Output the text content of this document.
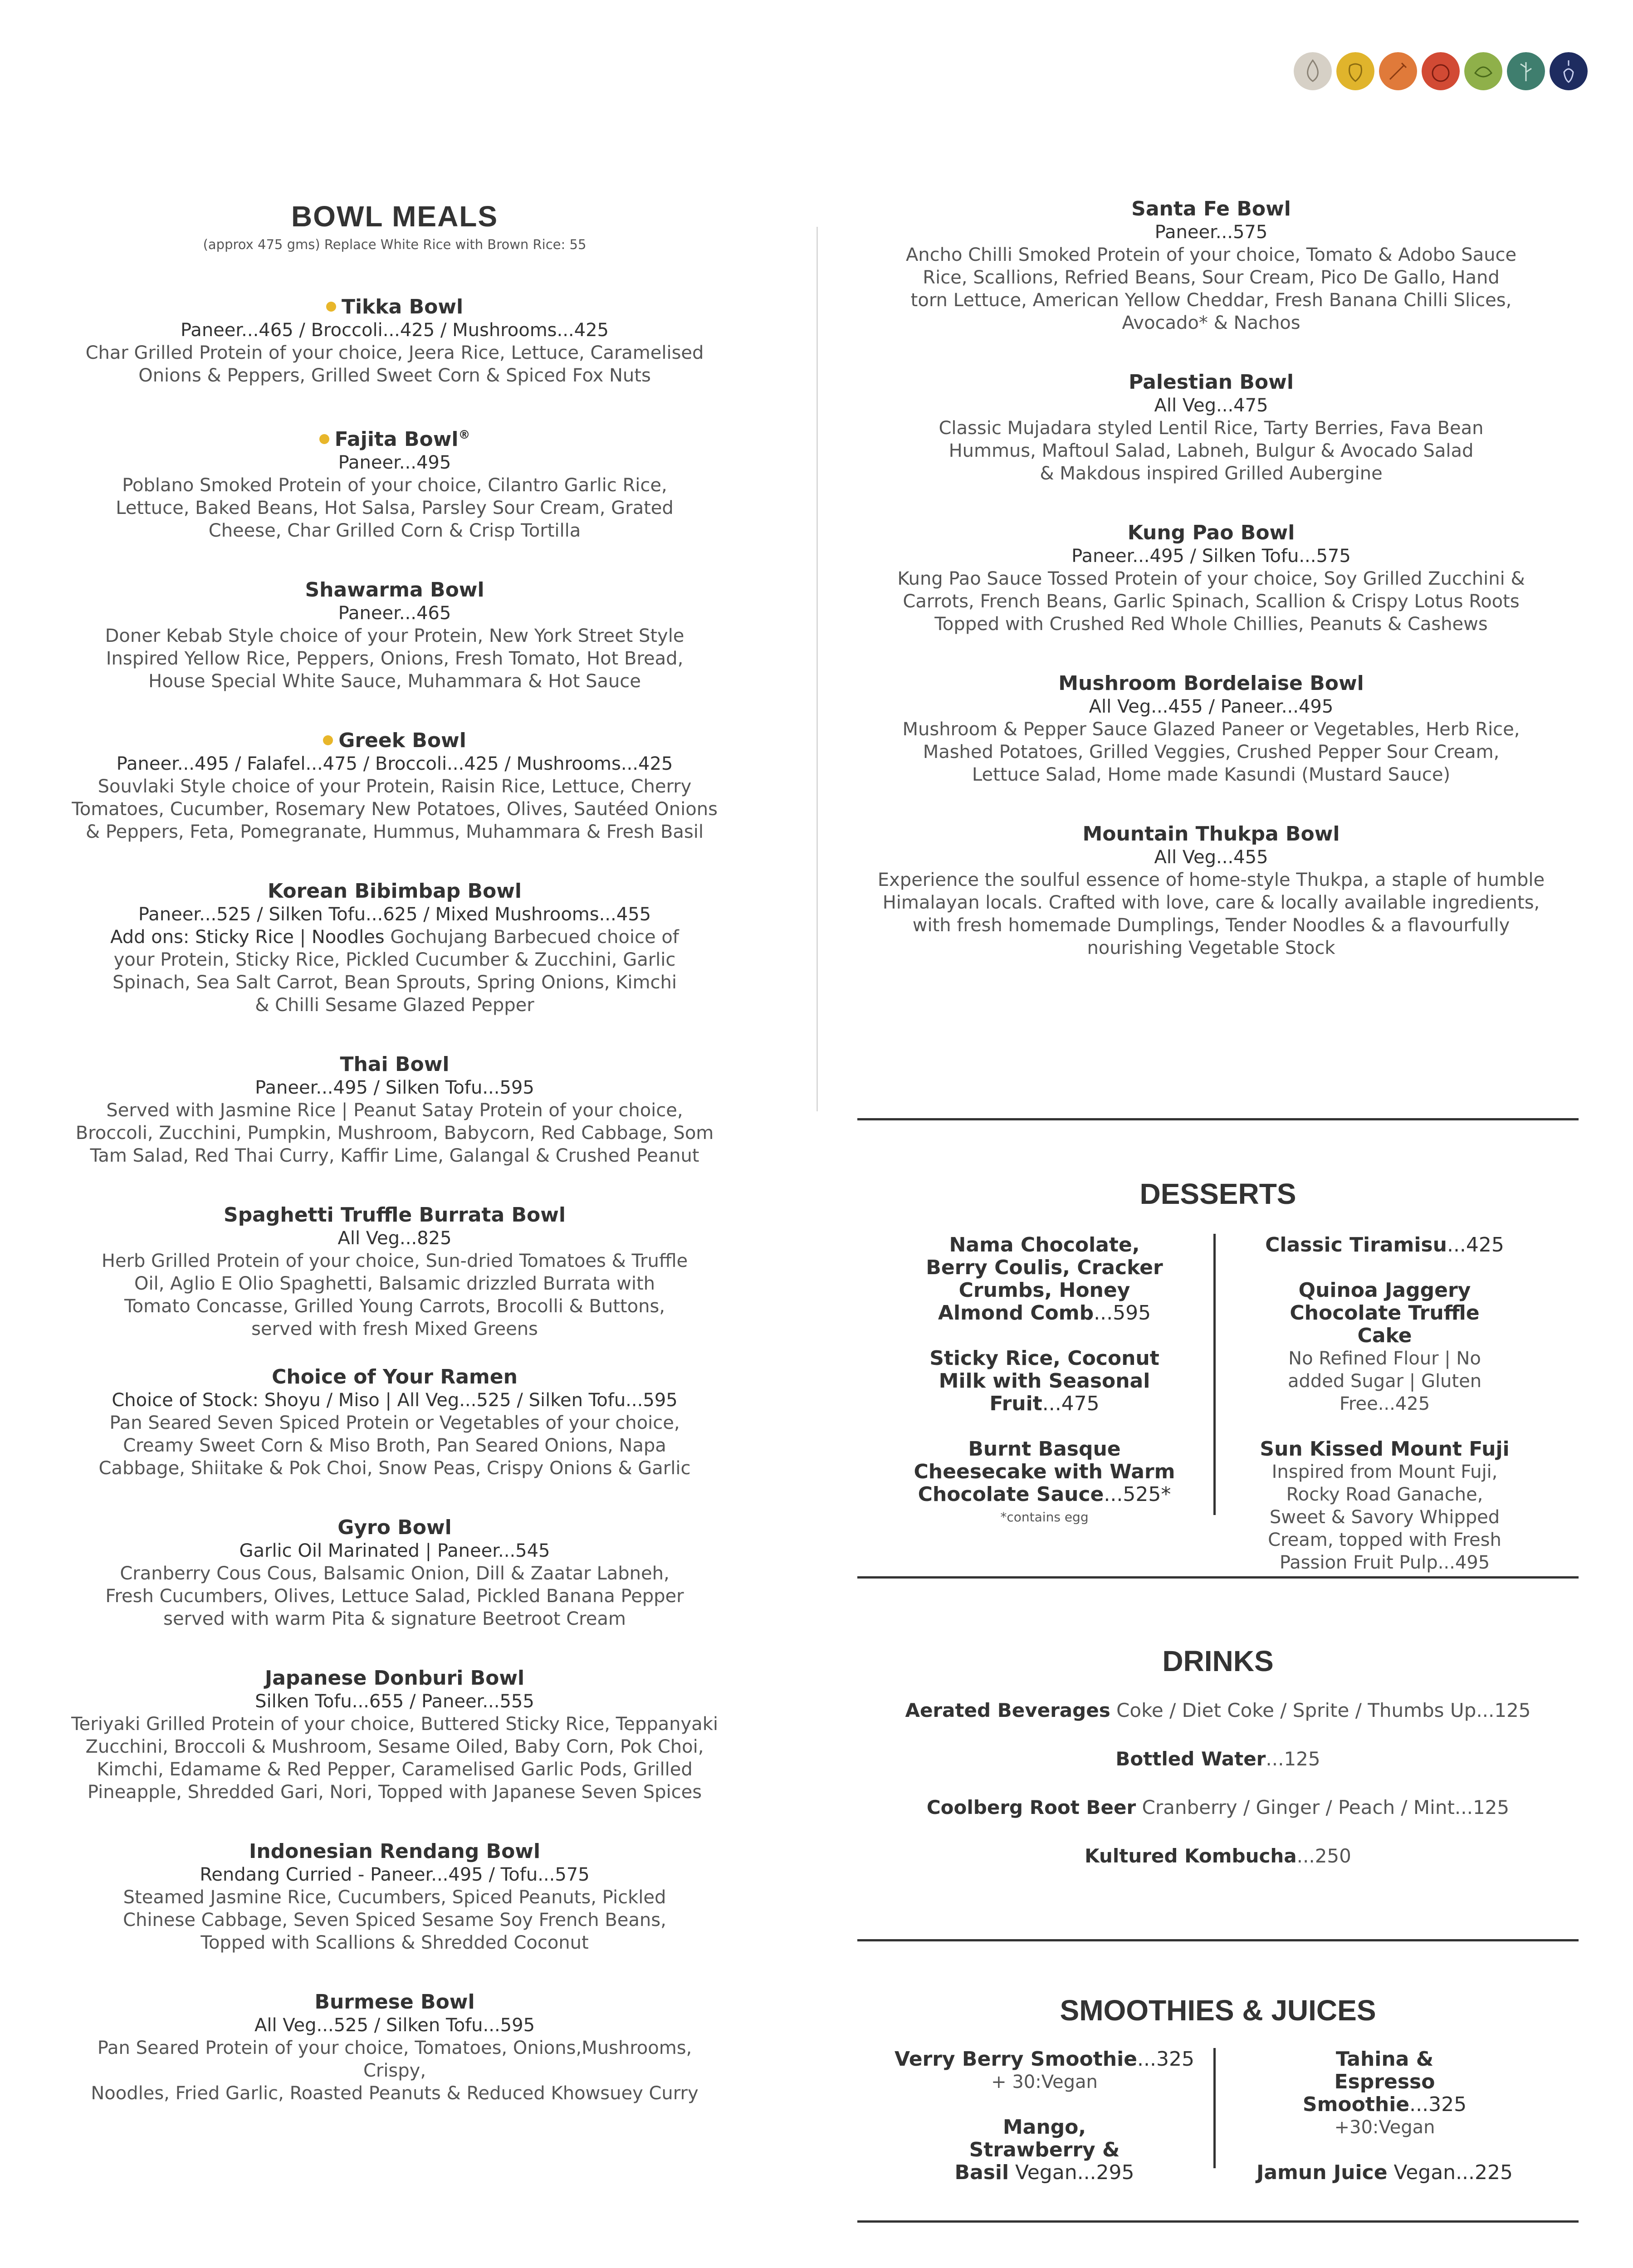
BOWL MEALS
(approx 475 gms) Replace White Rice with Brown Rice: 55
Tikka Bowl
Paneer...465 / Broccoli...425 / Mushrooms...425
Char Grilled Protein of your choice, Jeera Rice, Lettuce, Caramelised
Onions & Peppers, Grilled Sweet Corn & Spiced Fox Nuts
Fajita Bowl®
Paneer...495
Poblano Smoked Protein of your choice, Cilantro Garlic Rice,
Lettuce, Baked Beans, Hot Salsa, Parsley Sour Cream, Grated
Cheese, Char Grilled Corn & Crisp Tortilla
Shawarma Bowl
Paneer...465
Doner Kebab Style choice of your Protein, New York Street Style
Inspired Yellow Rice, Peppers, Onions, Fresh Tomato, Hot Bread,
House Special White Sauce, Muhammara & Hot Sauce
Greek Bowl
Paneer...495 / Falafel...475 / Broccoli...425 / Mushrooms...425
Souvlaki Style choice of your Protein, Raisin Rice, Lettuce, Cherry
Tomatoes, Cucumber, Rosemary New Potatoes, Olives, Sautéed Onions
& Peppers, Feta, Pomegranate, Hummus, Muhammara & Fresh Basil
Korean Bibimbap Bowl
Paneer...525 / Silken Tofu...625 / Mixed Mushrooms...455
Add ons: Sticky Rice | Noodles Gochujang Barbecued choice of
your Protein, Sticky Rice, Pickled Cucumber & Zucchini, Garlic
Spinach, Sea Salt Carrot, Bean Sprouts, Spring Onions, Kimchi
& Chilli Sesame Glazed Pepper
Thai Bowl
Paneer...495 / Silken Tofu...595
Served with Jasmine Rice | Peanut Satay Protein of your choice,
Broccoli, Zucchini, Pumpkin, Mushroom, Babycorn, Red Cabbage, Som
Tam Salad, Red Thai Curry, Kaffir Lime, Galangal & Crushed Peanut
Spaghetti Truffle Burrata Bowl
All Veg...825
Herb Grilled Protein of your choice, Sun-dried Tomatoes & Truffle
Oil, Aglio E Olio Spaghetti, Balsamic drizzled Burrata with
Tomato Concasse, Grilled Young Carrots, Brocolli & Buttons,
served with fresh Mixed Greens
Choice of Your Ramen
Choice of Stock: Shoyu / Miso | All Veg...525 / Silken Tofu...595
Pan Seared Seven Spiced Protein or Vegetables of your choice,
Creamy Sweet Corn & Miso Broth, Pan Seared Onions, Napa
Cabbage, Shiitake & Pok Choi, Snow Peas, Crispy Onions & Garlic
Gyro Bowl
Garlic Oil Marinated | Paneer...545
Cranberry Cous Cous, Balsamic Onion, Dill & Zaatar Labneh,
Fresh Cucumbers, Olives, Lettuce Salad, Pickled Banana Pepper
served with warm Pita & signature Beetroot Cream
Japanese Donburi Bowl
Silken Tofu...655 / Paneer...555
Teriyaki Grilled Protein of your choice, Buttered Sticky Rice, Teppanyaki
Zucchini, Broccoli & Mushroom, Sesame Oiled, Baby Corn, Pok Choi,
Kimchi, Edamame & Red Pepper, Caramelised Garlic Pods, Grilled
Pineapple, Shredded Gari, Nori, Topped with Japanese Seven Spices
Indonesian Rendang Bowl
Rendang Curried - Paneer...495 / Tofu...575
Steamed Jasmine Rice, Cucumbers, Spiced Peanuts, Pickled
Chinese Cabbage, Seven Spiced Sesame Soy French Beans,
Topped with Scallions & Shredded Coconut
Burmese Bowl
All Veg...525 / Silken Tofu...595
Pan Seared Protein of your choice, Tomatoes, Onions,Mushrooms, Crispy,
Noodles, Fried Garlic, Roasted Peanuts & Reduced Khowsuey Curry
Santa Fe Bowl
Paneer...575
Ancho Chilli Smoked Protein of your choice, Tomato & Adobo Sauce
Rice, Scallions, Refried Beans, Sour Cream, Pico De Gallo, Hand
torn Lettuce, American Yellow Cheddar, Fresh Banana Chilli Slices,
Avocado* & Nachos
Palestian Bowl
All Veg...475
Classic Mujadara styled Lentil Rice, Tarty Berries, Fava Bean
Hummus, Maftoul Salad, Labneh, Bulgur & Avocado Salad
& Makdous inspired Grilled Aubergine
Kung Pao Bowl
Paneer...495 / Silken Tofu...575
Kung Pao Sauce Tossed Protein of your choice, Soy Grilled Zucchini &
Carrots, French Beans, Garlic Spinach, Scallion & Crispy Lotus Roots
Topped with Crushed Red Whole Chillies, Peanuts & Cashews
Mushroom Bordelaise Bowl
All Veg...455 / Paneer...495
Mushroom & Pepper Sauce Glazed Paneer or Vegetables, Herb Rice,
Mashed Potatoes, Grilled Veggies, Crushed Pepper Sour Cream,
Lettuce Salad, Home made Kasundi (Mustard Sauce)
Mountain Thukpa Bowl
All Veg...455
Experience the soulful essence of home-style Thukpa, a staple of humble
Himalayan locals. Crafted with love, care & locally available ingredients,
with fresh homemade Dumplings, Tender Noodles & a flavourfully
nourishing Vegetable Stock
DESSERTS
Nama Chocolate, Berry Coulis, Cracker Crumbs, Honey Almond Comb...595
Sticky Rice, Coconut Milk with Seasonal Fruit...475
Burnt Basque Cheesecake with Warm Chocolate Sauce...525*
*contains egg
Classic Tiramisu...425
Quinoa Jaggery Chocolate Truffle Cake
No Refined Flour | No added Sugar | Gluten Free...425
Sun Kissed Mount Fuji
Inspired from Mount Fuji, Rocky Road Ganache, Sweet & Savory Whipped Cream, topped with Fresh Passion Fruit Pulp...495
DRINKS
Aerated Beverages Coke / Diet Coke / Sprite / Thumbs Up...125
Bottled Water...125
Coolberg Root Beer Cranberry / Ginger / Peach / Mint...125
Kultured Kombucha...250
SMOOTHIES & JUICES
Verry Berry Smoothie...325
+ 30:Vegan
Mango, Strawberry & Basil Vegan...295
Tahina & Espresso Smoothie...325
+30:Vegan
Jamun Juice Vegan...225
